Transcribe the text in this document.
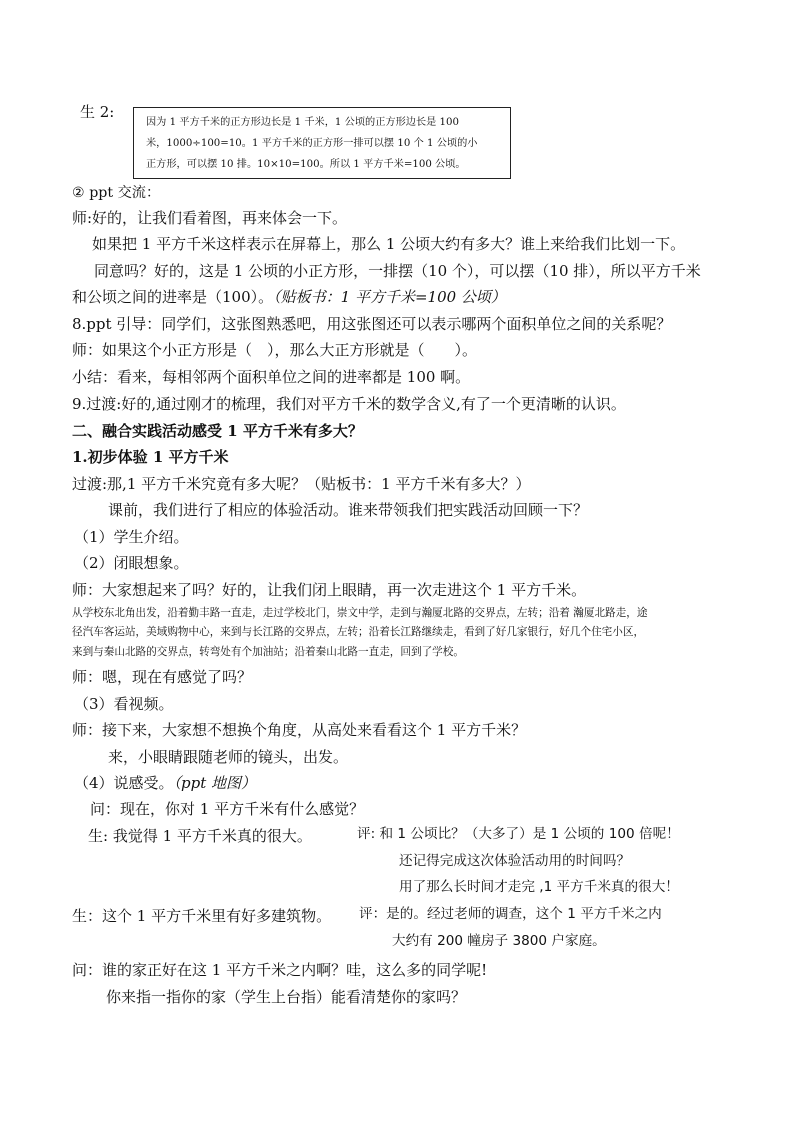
生 2:
因为 1 平方千米的正方形边长是 1 千米，1 公顷的正方形边长是 100
米，1000÷100=10。1 平方千米的正方形一排可以摆 10 个 1 公顷的小
正方形，可以摆 10 排。10×10=100。所以 1 平方千米=100 公顷。
② ppt 交流：
师:好的，让我们看着图，再来体会一下。
如果把 1 平方千米这样表示在屏幕上，那么 1 公顷大约有多大？谁上来给我们比划一下。
同意吗？好的，这是 1 公顷的小正方形，一排摆（10 个），可以摆（10 排），所以平方千米
和公顷之间的进率是（100）。（贴板书：1 平方千米=100 公顷）
8.ppt 引导：同学们，这张图熟悉吧，用这张图还可以表示哪两个面积单位之间的关系呢？
师：如果这个小正方形是（　），那么大正方形就是（　　）。
小结：看来，每相邻两个面积单位之间的进率都是 100 啊。
9.过渡:好的,通过刚才的梳理，我们对平方千米的数学含义,有了一个更清晰的认识。
二、融合实践活动感受 1 平方千米有多大？
1.初步体验 1 平方千米
过渡:那,1 平方千米究竟有多大呢？（贴板书：1 平方千米有多大？）
课前，我们进行了相应的体验活动。谁来带领我们把实践活动回顾一下？
（1）学生介绍。
（2）闭眼想象。
师：大家想起来了吗？好的，让我们闭上眼睛，再一次走进这个 1 平方千米。
从学校东北角出发，沿着勤丰路一直走，走过学校北门，崇文中学，走到与瀚厦北路的交界点，左转；沿着 瀚厦北路走，途
径汽车客运站，美域购物中心，来到与长江路的交界点，左转；沿着长江路继续走，看到了好几家银行，好几个住宅小区，
来到与秦山北路的交界点，转弯处有个加油站；沿着秦山北路一直走，回到了学校。
师：嗯，现在有感觉了吗？
（3）看视频。
师：接下来，大家想不想换个角度，从高处来看看这个 1 平方千米？
来，小眼睛跟随老师的镜头，出发。
（4）说感受。（ppt 地图）
问：现在，你对 1 平方千米有什么感觉？
生: 我觉得 1 平方千米真的很大。	评: 和 1 公顷比？（大多了）是 1 公顷的 100 倍呢！
还记得完成这次体验活动用的时间吗？
用了那么长时间才走完 ,1 平方千米真的很大！
生：这个 1 平方千米里有好多建筑物。 评：是的。经过老师的调查，这个 1 平方千米之内
大约有 200 幢房子 3800 户家庭。
问：谁的家正好在这 1 平方千米之内啊？哇，这么多的同学呢!
你来指一指你的家（学生上台指）能看清楚你的家吗？
